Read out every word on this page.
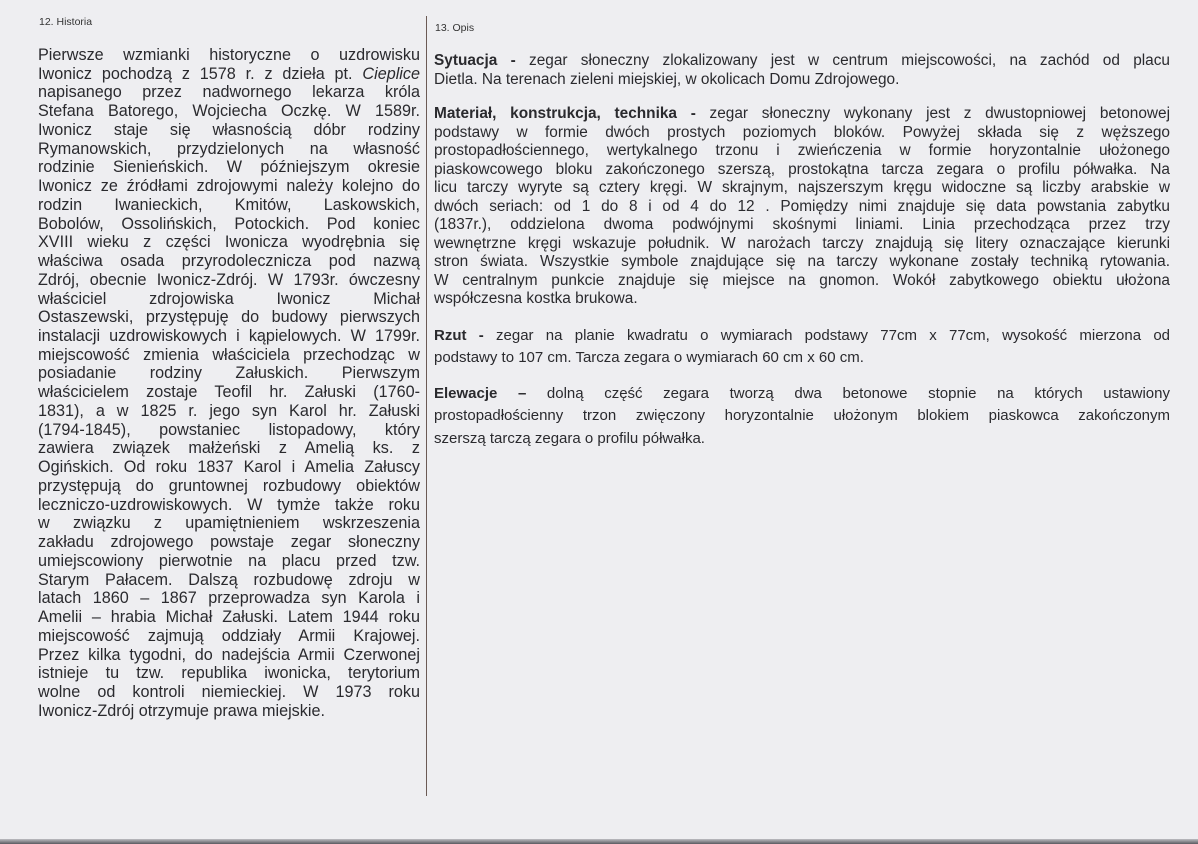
12. Historia	13. Opis
Pierwsze wzmianki historyczne o uzdrowisku
Iwonicz pochodzą z 1578 r. z dzieła pt. Cieplice
napisanego przez nadwornego lekarza króla
Stefana Batorego, Wojciecha Oczkę. W 1589r.
Iwonicz staje się własnością dóbr rodziny
Rymanowskich, przydzielonych na własność
rodzinie Sienieńskich. W późniejszym okresie
Iwonicz ze źródłami zdrojowymi należy kolejno do
rodzin Iwanieckich, Kmitów, Laskowskich,
Bobolów, Ossolińskich, Potockich. Pod koniec
XVIII wieku z części Iwonicza wyodrębnia się
właściwa osada przyrodolecznicza pod nazwą
Zdrój, obecnie Iwonicz-Zdrój. W 1793r. ówczesny
właściciel zdrojowiska Iwonicz Michał
Ostaszewski, przystępuję do budowy pierwszych
instalacji uzdrowiskowych i kąpielowych. W 1799r.
miejscowość zmienia właściciela przechodząc w
posiadanie rodziny Załuskich. Pierwszym
właścicielem zostaje Teofil hr. Załuski (1760-
1831), a w 1825 r. jego syn Karol hr. Załuski
(1794-1845), powstaniec listopadowy, który
zawiera związek małżeński z Amelią ks. z
Ogińskich. Od roku 1837 Karol i Amelia Załuscy
przystępują do gruntownej rozbudowy obiektów
leczniczo-uzdrowiskowych. W tymże także roku
w związku z upamiętnieniem wskrzeszenia
zakładu zdrojowego powstaje zegar słoneczny
umiejscowiony pierwotnie na placu przed tzw.
Starym Pałacem. Dalszą rozbudowę zdroju w
latach 1860 – 1867 przeprowadza syn Karola i
Amelii – hrabia Michał Załuski. Latem 1944 roku
miejscowość zajmują oddziały Armii Krajowej.
Przez kilka tygodni, do nadejścia Armii Czerwonej
istnieje tu tzw. republika iwonicka, terytorium
wolne od kontroli niemieckiej. W 1973 roku
Iwonicz-Zdrój otrzymuje prawa miejskie.
Sytuacja - zegar słoneczny zlokalizowany jest w centrum miejscowości, na zachód od placu
Dietla. Na terenach zieleni miejskiej, w okolicach Domu Zdrojowego.
Materiał, konstrukcja, technika - zegar słoneczny wykonany jest z dwustopniowej betonowej
podstawy w formie dwóch prostych poziomych bloków. Powyżej składa się z węższego
prostopadłościennego, wertykalnego trzonu i zwieńczenia w formie horyzontalnie ułożonego
piaskowcowego bloku zakończonego szerszą, prostokątna tarcza zegara o profilu półwałka. Na
licu tarczy wyryte są cztery kręgi. W skrajnym, najszerszym kręgu widoczne są liczby arabskie w
dwóch seriach: od 1 do 8 i od 4 do 12 . Pomiędzy nimi znajduje się data powstania zabytku
(1837r.), oddzielona dwoma podwójnymi skośnymi liniami. Linia przechodząca przez trzy
wewnętrzne kręgi wskazuje południk. W narożach tarczy znajdują się litery oznaczające kierunki
stron świata. Wszystkie symbole znajdujące się na tarczy wykonane zostały techniką rytowania.
W centralnym punkcie znajduje się miejsce na gnomon. Wokół zabytkowego obiektu ułożona
współczesna kostka brukowa.
Rzut - zegar na planie kwadratu o wymiarach podstawy 77cm x 77cm, wysokość mierzona od
podstawy to 107 cm. Tarcza zegara o wymiarach 60 cm x 60 cm.
Elewacje – dolną część zegara tworzą dwa betonowe stopnie na których ustawiony
prostopadłościenny trzon zwięczony horyzontalnie ułożonym blokiem piaskowca zakończonym
szerszą tarczą zegara o profilu półwałka.
